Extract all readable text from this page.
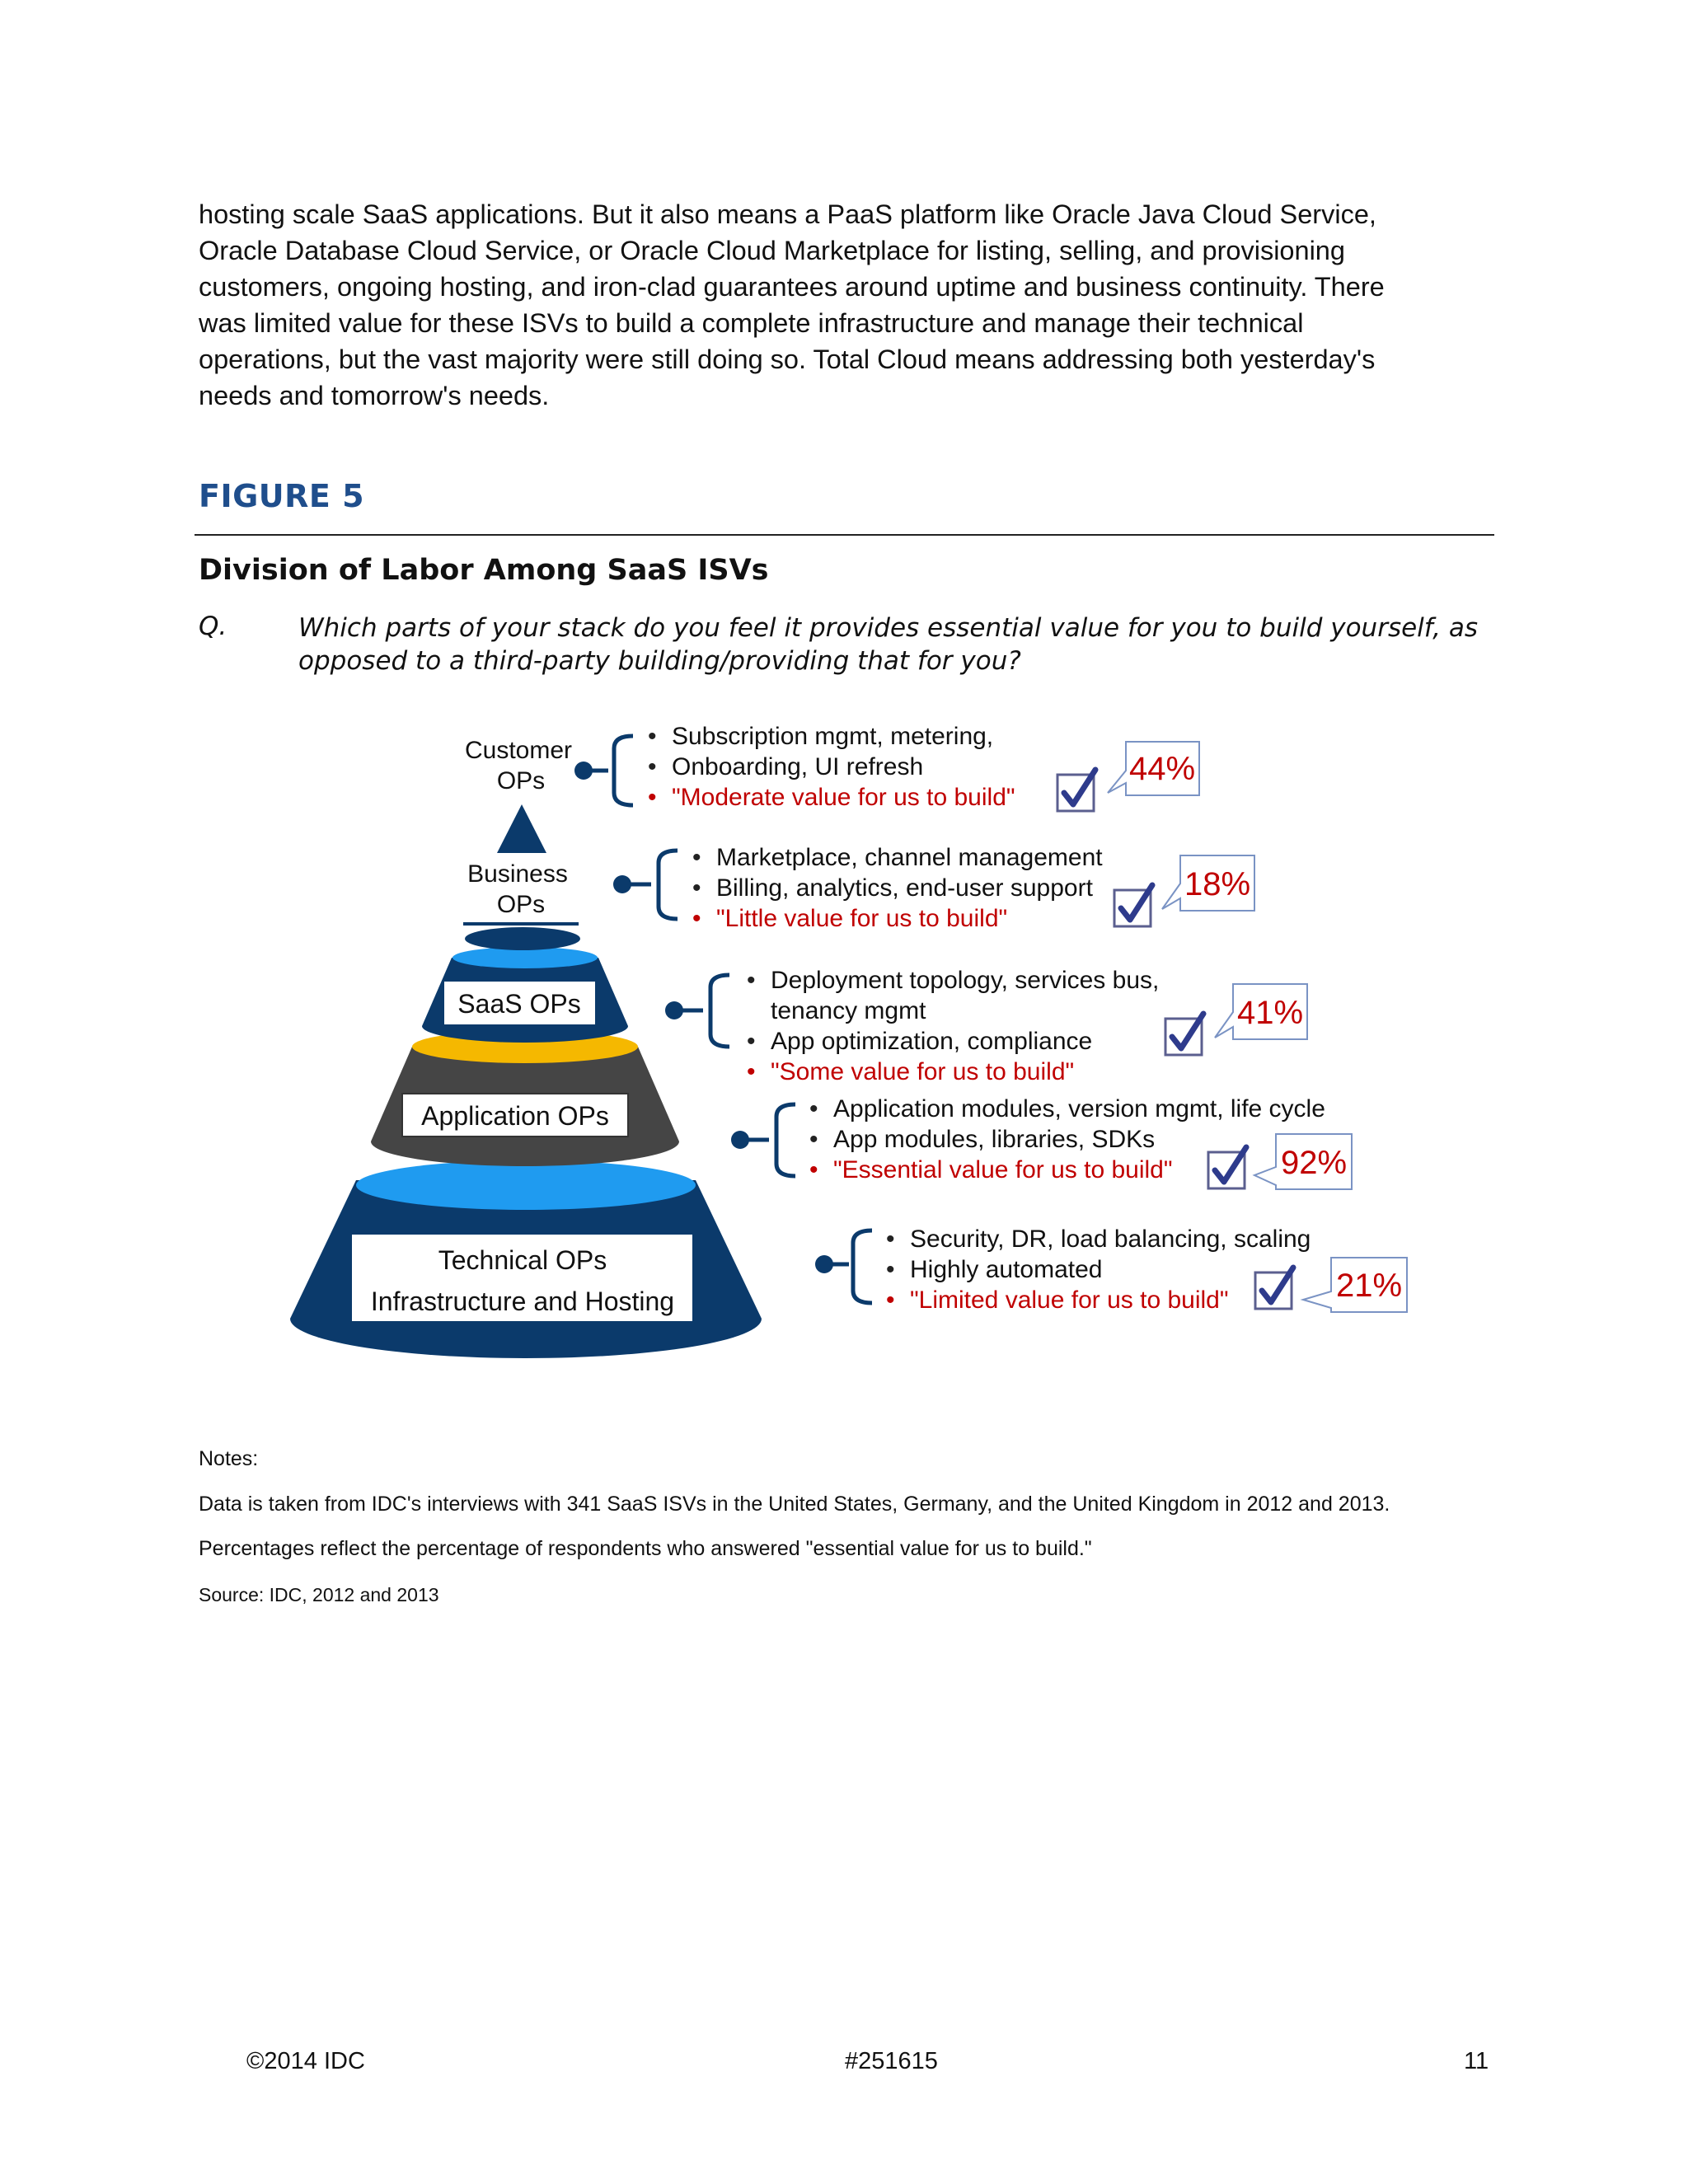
hosting scale SaaS applications. But it also means a PaaS platform like Oracle Java Cloud Service,
Oracle Database Cloud Service, or Oracle Cloud Marketplace for listing, selling, and provisioning
customers, ongoing hosting, and iron-clad guarantees around uptime and business continuity. There
was limited value for these ISVs to build a complete infrastructure and manage their technical
operations, but the vast majority were still doing so. Total Cloud means addressing both yesterday's
needs and tomorrow's needs.
FIGURE 5
Division of Labor Among SaaS ISVs
Q.	Which parts of your stack do you feel it provides essential value for you to build yourself, as
opposed to a third-party building/providing that for you?
Technical OPs
Infrastructure and Hosting
Application OPs
SaaS OPs
Business
OPs
Customer
OPs
• Subscription mgmt, metering,
• Onboarding, UI refresh
• "Moderate value for us to build"
• Marketplace, channel management
• Billing, analytics, end-user support
• "Little value for us to build"
• Deployment topology, services bus,
tenancy mgmt
• App optimization, compliance
• "Some value for us to build"
• Application modules, version mgmt, life cycle
• App modules, libraries, SDKs
• "Essential value for us to build"
• Security, DR, load balancing, scaling
• Highly automated
• "Limited value for us to build"
44%
18%
41%
92%
21%
Notes:
Data is taken from IDC's interviews with 341 SaaS ISVs in the United States, Germany, and the United Kingdom in 2012 and 2013.
Percentages reflect the percentage of respondents who answered "essential value for us to build."
Source: IDC, 2012 and 2013
©2014 IDC	#251615	11
